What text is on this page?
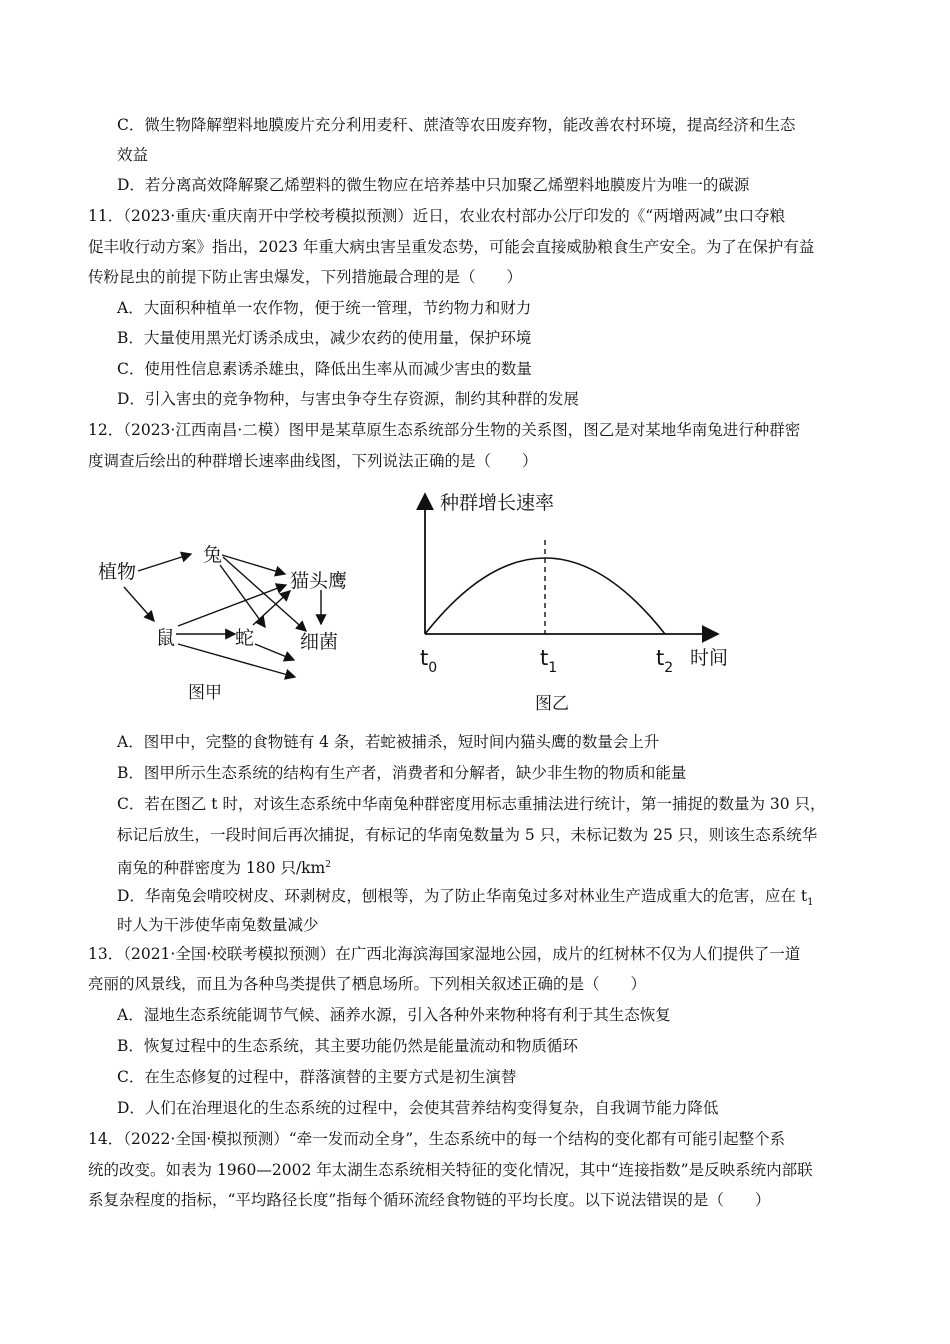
C．微生物降解塑料地膜废片充分利用麦秆、蔗渣等农田废弃物，能改善农村环境，提高经济和生态
效益
D．若分离高效降解聚乙烯塑料的微生物应在培养基中只加聚乙烯塑料地膜废片为唯一的碳源
11．（2023·重庆·重庆南开中学校考模拟预测）近日，农业农村部办公厅印发的《“两增两减”虫口夺粮
促丰收行动方案》指出，2023 年重大病虫害呈重发态势，可能会直接威胁粮食生产安全。为了在保护有益
传粉昆虫的前提下防止害虫爆发，下列措施最合理的是（　　）
A．大面积种植单一农作物，便于统一管理，节约物力和财力
B．大量使用黑光灯诱杀成虫，减少农药的使用量，保护环境
C．使用性信息素诱杀雄虫，降低出生率从而减少害虫的数量
D．引入害虫的竞争物种，与害虫争夺生存资源，制约其种群的发展
12．（2023·江西南昌·二模）图甲是某草原生态系统部分生物的关系图，图乙是对某地华南兔进行种群密
度调查后绘出的种群增长速率曲线图，下列说法正确的是（　　）
植物
兔
鼠	蛇
猫头鹰
细菌
图甲
种群增长速率
时间
$t_0$	$t_1$	$t_2$
图乙
A．图甲中，完整的食物链有 4 条，若蛇被捕杀，短时间内猫头鹰的数量会上升
B．图甲所示生态系统的结构有生产者，消费者和分解者，缺少非生物的物质和能量
C．若在图乙 t 时，对该生态系统中华南兔种群密度用标志重捕法进行统计，第一捕捉的数量为 30 只，
标记后放生，一段时间后再次捕捉，有标记的华南兔数量为 5 只，未标记数为 25 只，则该生态系统华
南兔的种群密度为 180 只$/km^2$
D．华南兔会啃咬树皮、环剥树皮，刨根等，为了防止华南兔过多对林业生产造成重大的危害，应在 $t_1$
时人为干涉使华南兔数量减少
13．（2021·全国·校联考模拟预测）在广西北海滨海国家湿地公园，成片的红树林不仅为人们提供了一道
亮丽的风景线，而且为各种鸟类提供了栖息场所。下列相关叙述正确的是（　　）
A．湿地生态系统能调节气候、涵养水源，引入各种外来物种将有利于其生态恢复
B．恢复过程中的生态系统，其主要功能仍然是能量流动和物质循环
C．在生态修复的过程中，群落演替的主要方式是初生演替
D．人们在治理退化的生态系统的过程中，会使其营养结构变得复杂，自我调节能力降低
14．（2022·全国·模拟预测）“牵一发而动全身”，生态系统中的每一个结构的变化都有可能引起整个系
统的改变。如表为 1960—2002 年太湖生态系统相关特征的变化情况，其中“连接指数”是反映系统内部联
系复杂程度的指标，“平均路径长度”指每个循环流经食物链的平均长度。以下说法错误的是（　　）
